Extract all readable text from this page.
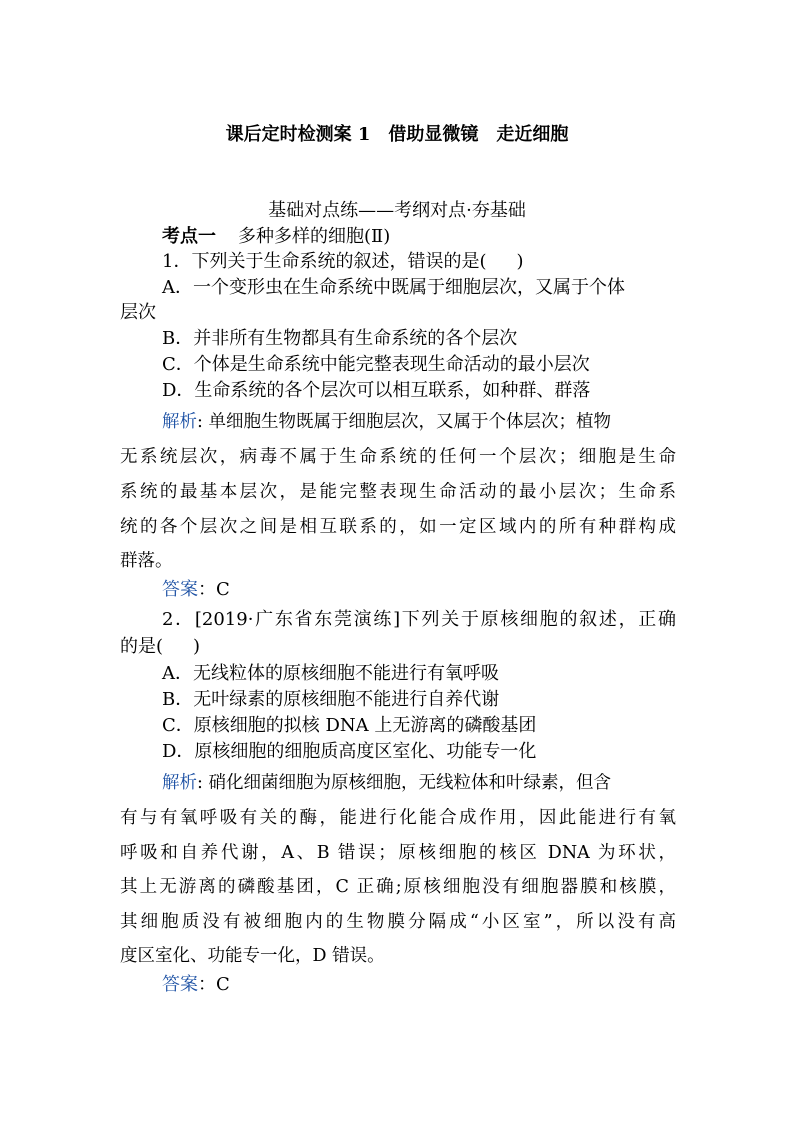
课后定时检测案 1 借助显微镜 走近细胞
基础对点练——考纲对点·夯基础
考点一 多种多样的细胞(Ⅱ)
1．下列关于生命系统的叙述，错误的是( )
A．一个变形虫在生命系统中既属于细胞层次，又属于个体
层次
B．并非所有生物都具有生命系统的各个层次
C．个体是生命系统中能完整表现生命活动的最小层次
D．生命系统的各个层次可以相互联系，如种群、群落
解析: 单细胞生物既属于细胞层次，又属于个体层次；植物
无系统层次，病毒不属于生命系统的任何一个层次；细胞是生命
系统的最基本层次，是能完整表现生命活动的最小层次；生命系
统的各个层次之间是相互联系的，如一定区域内的所有种群构成
群落。
答案：C
2．[2019·广东省东莞演练]下列关于原核细胞的叙述，正确
的是( )
A．无线粒体的原核细胞不能进行有氧呼吸
B．无叶绿素的原核细胞不能进行自养代谢
C．原核细胞的拟核 DNA 上无游离的磷酸基团
D．原核细胞的细胞质高度区室化、功能专一化
解析: 硝化细菌细胞为原核细胞，无线粒体和叶绿素，但含
有与有氧呼吸有关的酶，能进行化能合成作用，因此能进行有氧
呼吸和自养代谢，A、B 错误；原核细胞的核区 DNA 为环状，
其上无游离的磷酸基团，C 正确;原核细胞没有细胞器膜和核膜，
其细胞质没有被细胞内的生物膜分隔成“小区室”，所以没有高
度区室化、功能专一化，D 错误。
答案：C
